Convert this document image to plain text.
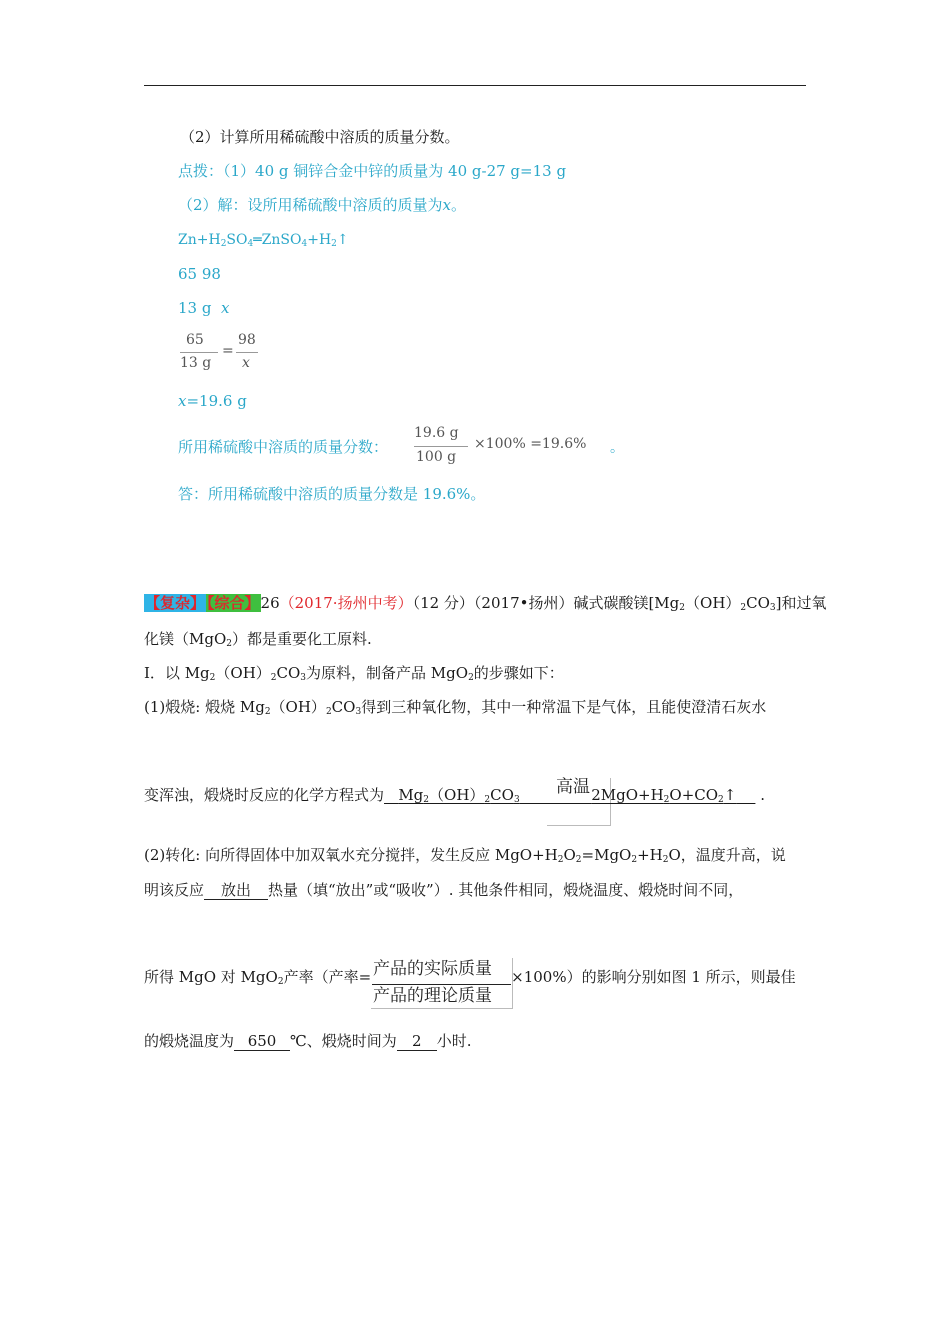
（2）计算所用稀硫酸中溶质的质量分数。
点拨：（1）40 g 铜锌合金中锌的质量为 40 g-27 g=13 g
（2）解：设所用稀硫酸中溶质的质量为x。
$Zn+H_2SO_4═ZnSO_4+H_2↑$
65 98
13 g x
65
13 g
=
98
x
x=19.6 g
所用稀硫酸中溶质的质量分数：
19.6 g
100 g
×100% =19.6% 。
答：所用稀硫酸中溶质的质量分数是 19.6%。
【复杂】 【综合】26（2017·扬州中考）（12 分）（2017•扬州）碱式碳酸镁$[Mg_2(OH)_2CO_3]$和过氧
化镁（MgO$_2$）都是重要化工原料.
I．以 $Mg_2(OH)_2CO_3$为原料，制备产品 MgO$_2$的步骤如下：
(1)煅烧: 煅烧 $Mg_2(OH)_2CO_3$得到三种氧化物，其中一种常温下是气体，且能使澄清石灰水
变浑浊，煅烧时反应的化学方程式为 $Mg_2(OH)_2CO_3$	$2MgO+H_2O+CO_2↑$ .
高温
(2)转化: 向所得固体中加双氧水充分搅拌，发生反应 $MgO+H_2O_2=MgO_2+H_2O$，温度升高，说
明该反应 放出 热量（填“放出”或“吸收”）. 其他条件相同，煅烧温度、煅烧时间不同，
所得 MgO 对 MgO$_2$产率（产率=	×100%）的影响分别如图 1 所示，则最佳
产品的实际质量
产品的理论质量
的煅烧温度为 650 ℃、煅烧时间为 2 小时.
